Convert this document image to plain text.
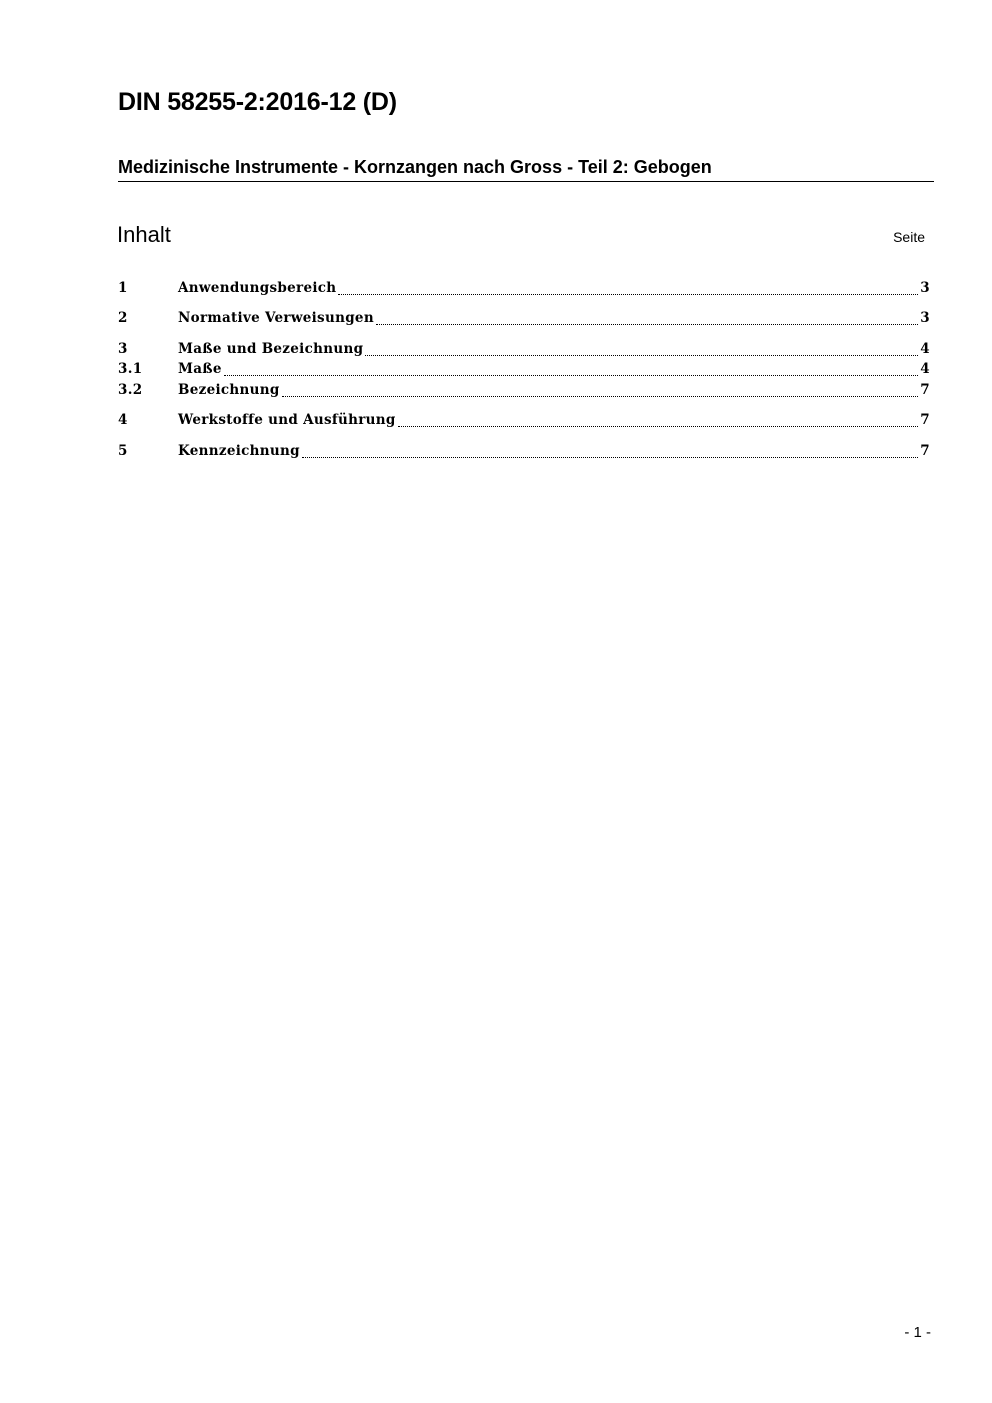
DIN 58255-2:2016-12 (D)
Medizinische Instrumente - Kornzangen nach Gross - Teil 2: Gebogen
Inhalt	Seite
1	Anwendungsbereich	3
2	Normative Verweisungen	3
3	Maße und Bezeichnung	4
3.1	Maße	4
3.2	Bezeichnung	7
4	Werkstoffe und Ausführung	7
5	Kennzeichnung	7
- 1 -
